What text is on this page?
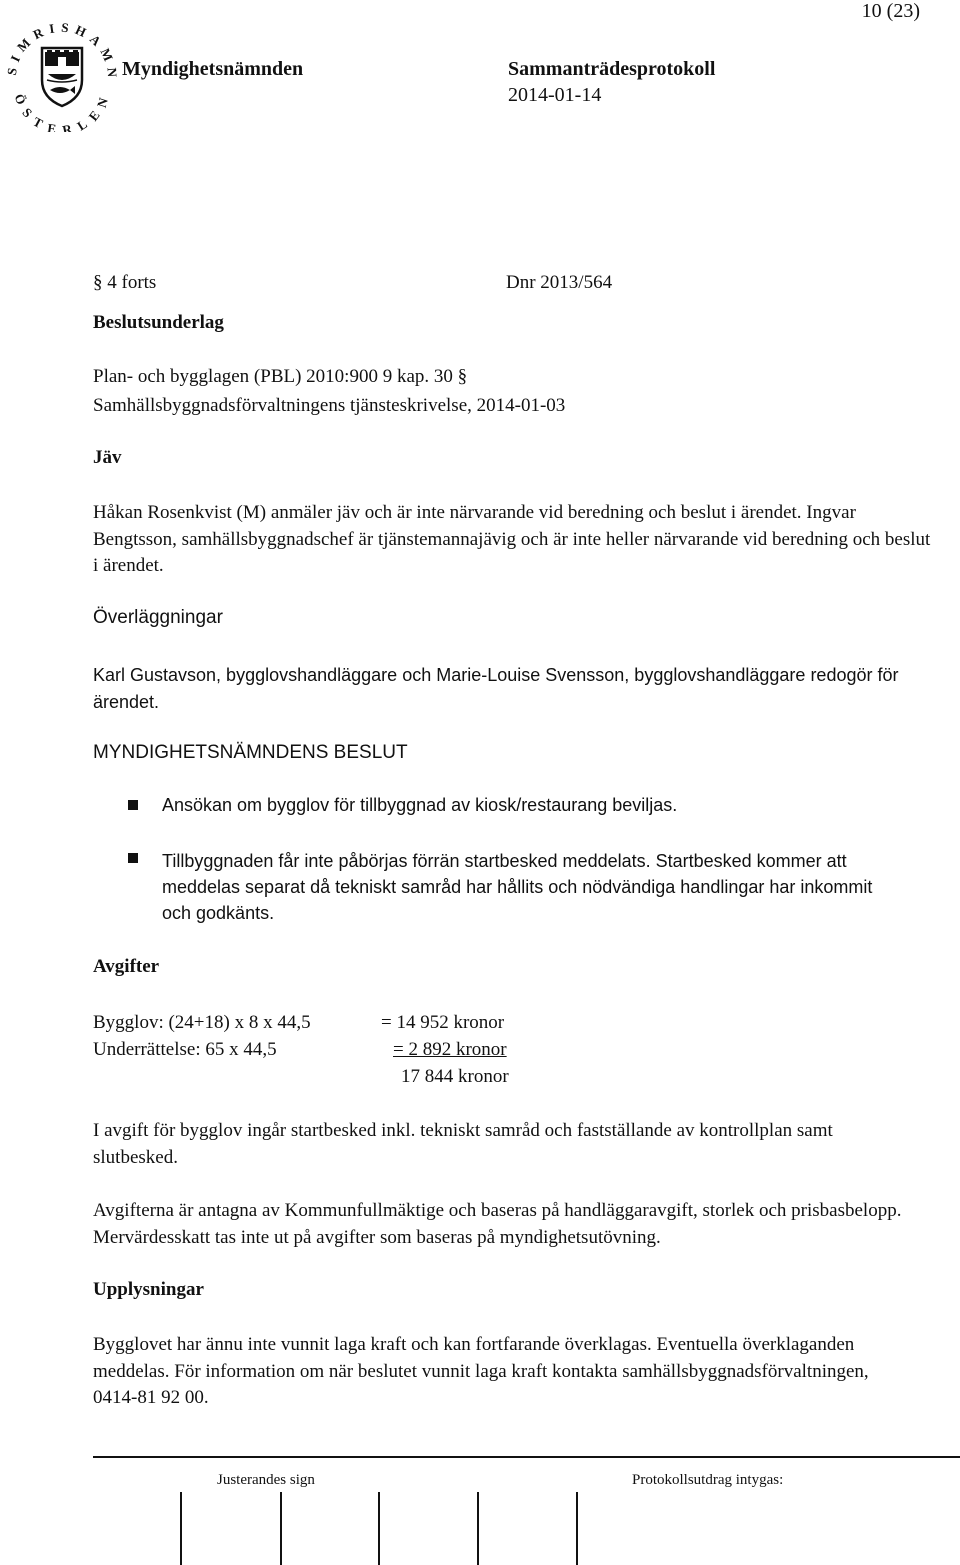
SIMRISHAMN
ÖSTERLEN
10 (23)
Myndighetsnämnden	Sammanträdesprotokoll
2014-01-14
§ 4 forts	Dnr 2013/564
Beslutsunderlag
Plan- och bygglagen (PBL) 2010:900 9 kap. 30 §
Samhällsbyggnadsförvaltningens tjänsteskrivelse, 2014-01-03
Jäv
Håkan Rosenkvist (M) anmäler jäv och är inte närvarande vid beredning och beslut i ärendet. Ingvar Bengtsson, samhällsbyggnadschef är tjänstemannajävig och är inte heller närvarande vid beredning och beslut i ärendet.
Överläggningar
Karl Gustavson, bygglovshandläggare och Marie-Louise Svensson, bygglovshandläggare redogör för ärendet.
MYNDIGHETSNÄMNDENS BESLUT
Ansökan om bygglov för tillbyggnad av kiosk/restaurang beviljas.
Tillbyggnaden får inte påbörjas förrän startbesked meddelats. Startbesked kommer att meddelas separat då tekniskt samråd har hållits och nödvändiga handlingar har inkommit och godkänts.
Avgifter
Bygglov: (24+18) x 8 x 44,5	= 14 952 kronor
Underrättelse: 65 x 44,5	= 2 892 kronor
17 844 kronor
I avgift för bygglov ingår startbesked inkl. tekniskt samråd och fastställande av kontrollplan samt slutbesked.
Avgifterna är antagna av Kommunfullmäktige och baseras på handläggaravgift, storlek och prisbasbelopp. Mervärdesskatt tas inte ut på avgifter som baseras på myndighetsutövning.
Upplysningar
Bygglovet har ännu inte vunnit laga kraft och kan fortfarande överklagas. Eventuella överklaganden meddelas. För information om när beslutet vunnit laga kraft kontakta samhällsbyggnadsförvaltningen, 0414-81 92 00.
Justerandes sign	Protokollsutdrag intygas:
